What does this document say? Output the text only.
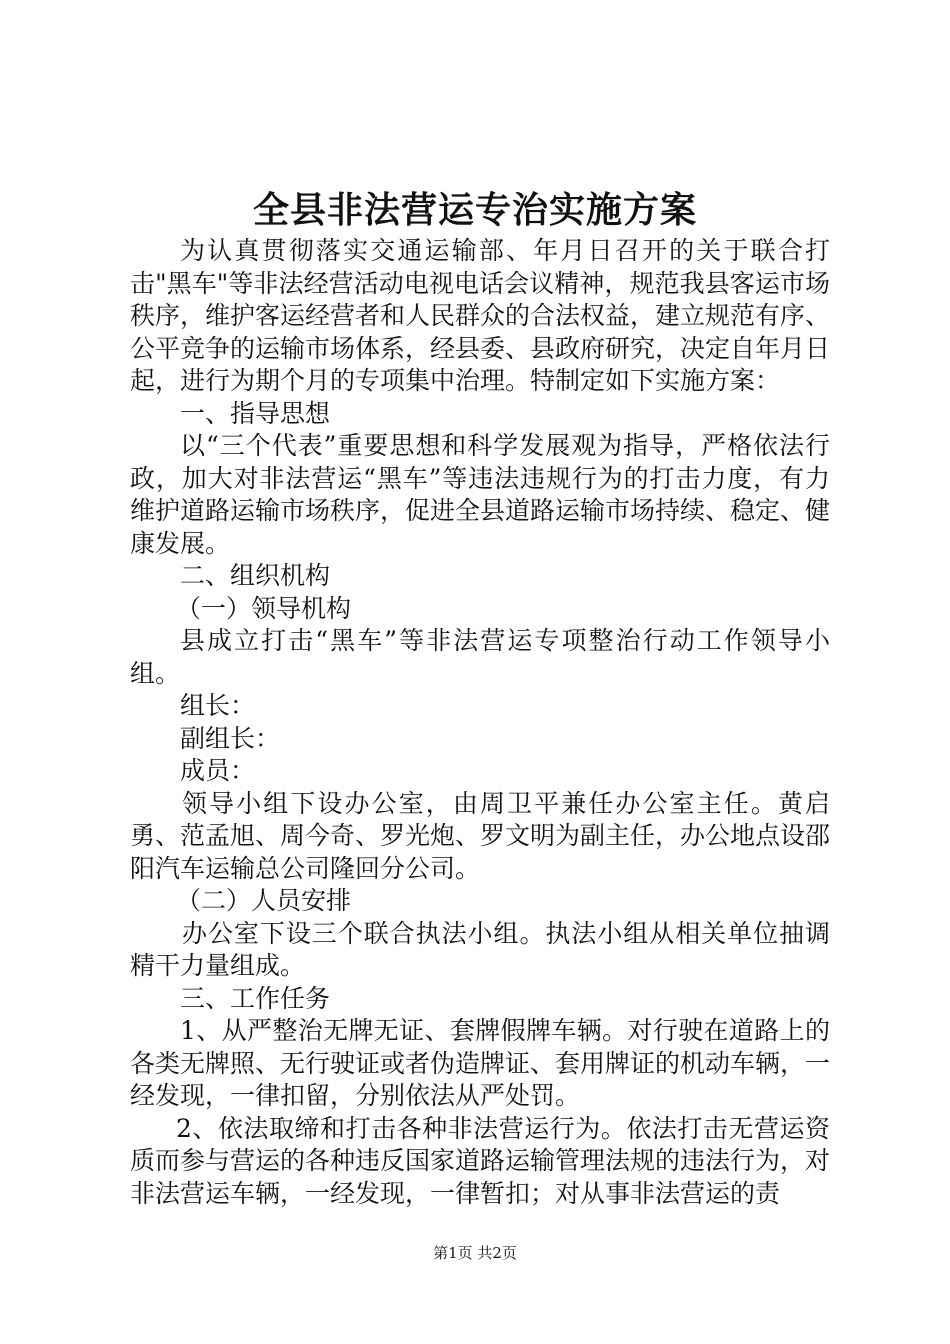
全县非法营运专治实施方案

为认真贯彻落实交通运输部、年月日召开的关于联合打击"黑车"等非法经营活动电视电话会议精神，规范我县客运市场秩序，维护客运经营者和人民群众的合法权益，建立规范有序、公平竞争的运输市场体系，经县委、县政府研究，决定自年月日起，进行为期个月的专项集中治理。特制定如下实施方案：

一、指导思想

以“三个代表”重要思想和科学发展观为指导，严格依法行政，加大对非法营运“黑车”等违法违规行为的打击力度，有力维护道路运输市场秩序，促进全县道路运输市场持续、稳定、健康发展。

二、组织机构

（一）领导机构

县成立打击“黑车”等非法营运专项整治行动工作领导小组。

组长：

副组长：

成员：

领导小组下设办公室，由周卫平兼任办公室主任。黄启勇、范孟旭、周今奇、罗光炮、罗文明为副主任，办公地点设邵阳汽车运输总公司隆回分公司。

（二）人员安排

办公室下设三个联合执法小组。执法小组从相关单位抽调精干力量组成。

三、工作任务

1、从严整治无牌无证、套牌假牌车辆。对行驶在道路上的各类无牌照、无行驶证或者伪造牌证、套用牌证的机动车辆，一经发现，一律扣留，分别依法从严处罚。

2、依法取缔和打击各种非法营运行为。依法打击无营运资质而参与营运的各种违反国家道路运输管理法规的违法行为，对非法营运车辆，一经发现，一律暂扣；对从事非法营运的责

第1页 共2页
